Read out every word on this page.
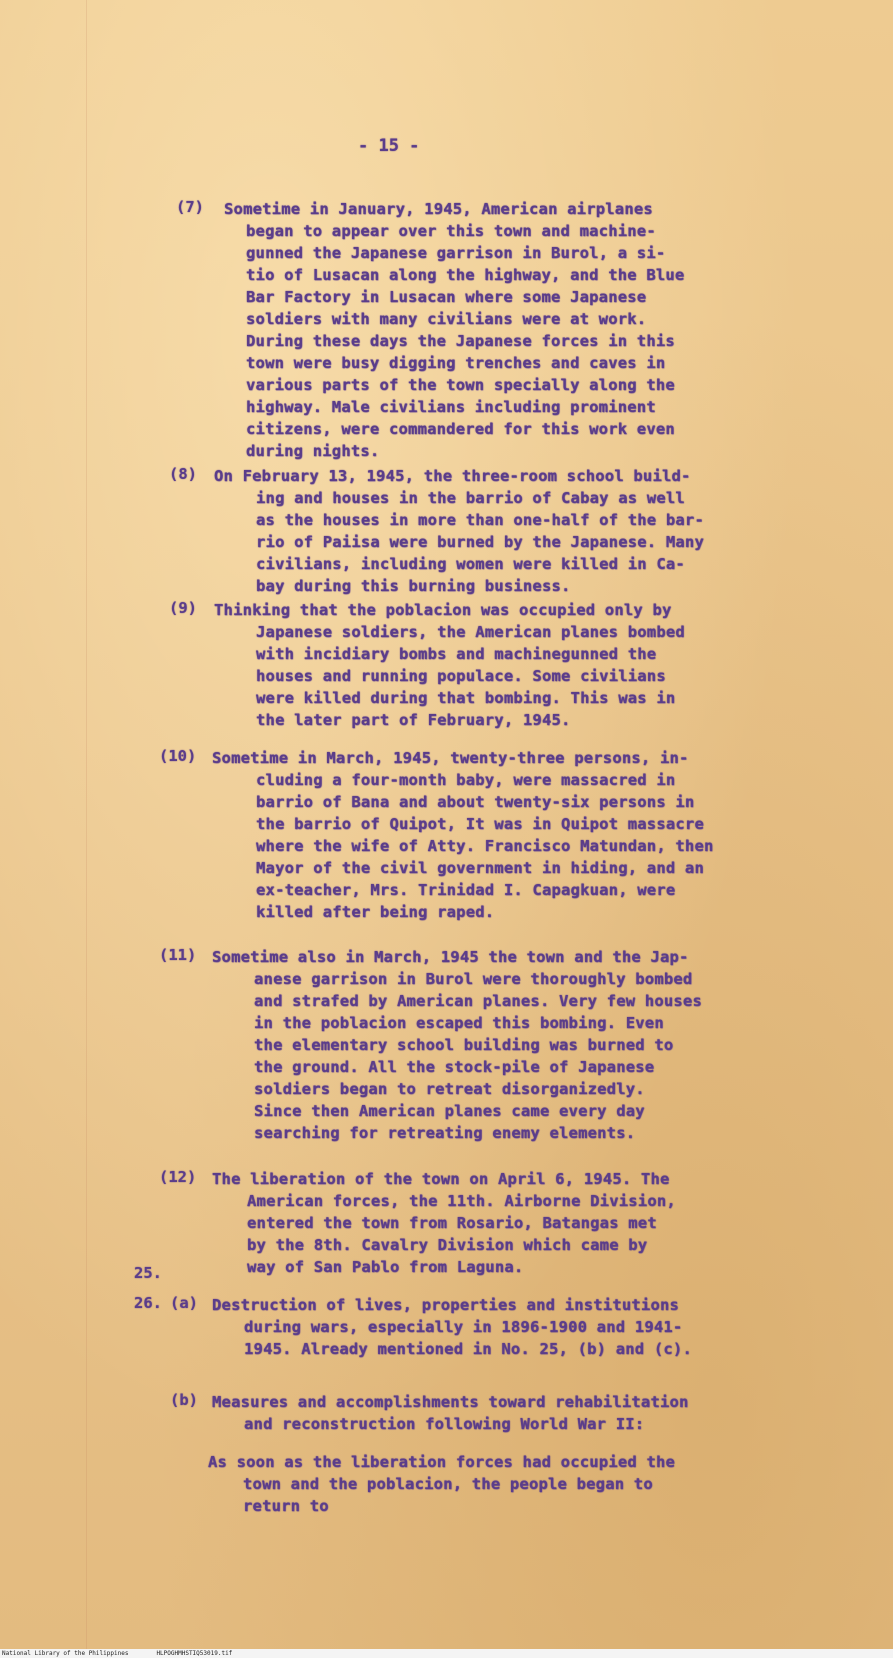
- 15 -
(7) Sometime in January, 1945, American airplanes
began to appear over this town and machine-
gunned the Japanese garrison in Burol, a si-
tio of Lusacan along the highway, and the Blue
Bar Factory in Lusacan where some Japanese
soldiers with many civilians were at work.
During these days the Japanese forces in this
town were busy digging trenches and caves in
various parts of the town specially along the
highway. Male civilians including prominent
citizens, were commandered for this work even
during nights.
(8) On February 13, 1945, the three-room school build-
ing and houses in the barrio of Cabay as well
as the houses in more than one-half of the bar-
rio of Paiisa were burned by the Japanese. Many
civilians, including women were killed in Ca-
bay during this burning business.
(9) Thinking that the poblacion was occupied only by
Japanese soldiers, the American planes bombed
with incidiary bombs and machinegunned the
houses and running populace. Some civilians
were killed during that bombing. This was in
the later part of February, 1945.
(10) Sometime in March, 1945, twenty-three persons, in-
cluding a four-month baby, were massacred in
barrio of Bana and about twenty-six persons in
the barrio of Quipot, It was in Quipot massacre
where the wife of Atty. Francisco Matundan, then
Mayor of the civil government in hiding, and an
ex-teacher, Mrs. Trinidad I. Capagkuan, were
killed after being raped.
(11) Sometime also in March, 1945 the town and the Jap-
anese garrison in Burol were thoroughly bombed
and strafed by American planes. Very few houses
in the poblacion escaped this bombing. Even
the elementary school building was burned to
the ground. All the stock-pile of Japanese
soldiers began to retreat disorganizedly.
Since then American planes came every day
searching for retreating enemy elements.
(12) The liberation of the town on April 6, 1945. The
American forces, the 11th. Airborne Division,
entered the town from Rosario, Batangas met
by the 8th. Cavalry Division which came by
way of San Pablo from Laguna.
25.
26. (a) Destruction of lives, properties and institutions
during wars, especially in 1896-1900 and 1941-
1945. Already mentioned in No. 25, (b) and (c).
(b) Measures and accomplishments toward rehabilitation
and reconstruction following World War II:
As soon as the liberation forces had occupied the
town and the poblacion, the people began to
return to
National Library of the Philippines	HLPOGHMHSTIQ53019.tif
